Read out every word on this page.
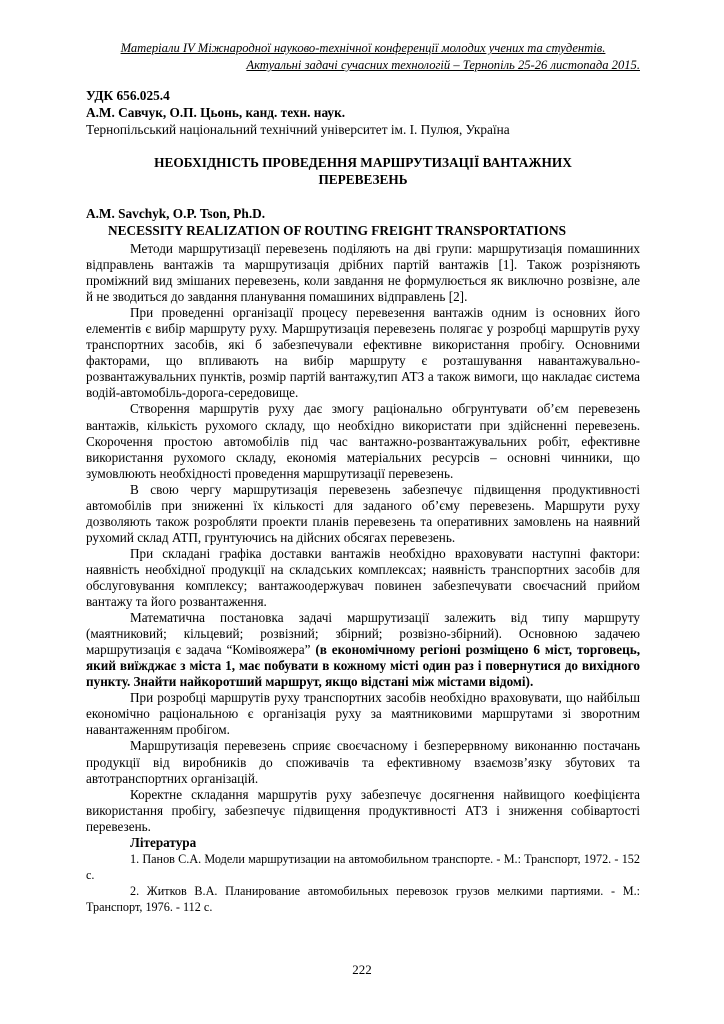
Матеріали IV Міжнародної науково-технічної конференції молодих учених та студентів.
Актуальні задачі сучасних технологій – Тернопіль 25-26 листопада 2015.
УДК 656.025.4
А.М. Савчук, О.П. Цьонь, канд. техн. наук.
Тернопільський національний технічний університет ім. І. Пулюя, Україна
НЕОБХІДНІСТЬ ПРОВЕДЕННЯ МАРШРУТИЗАЦІЇ ВАНТАЖНИХ
ПЕРЕВЕЗЕНЬ
A.M. Savchyk, O.P. Tson, Ph.D.
NECESSITY REALIZATION OF ROUTING FREIGHT TRANSPORTATIONS

Методи маршрутизації перевезень поділяють на дві групи: маршрутизація помашинних відправлень вантажів та маршрутизація дрібних партій вантажів [1]. Також розрізняють проміжний вид змішаних перевезень, коли завдання не формулюється як виключно розвізне, але й не зводиться до завдання планування помашиних відправлень [2].

При проведенні організації процесу перевезення вантажів одним із основних його елементів є вибір маршруту руху. Маршрутизація перевезень полягає у розробці маршрутів руху транспортних засобів, які б забезпечували ефективне використання пробігу. Основними факторами, що впливають на вибір маршруту є розташування навантажувально-розвантажувальних пунктів, розмір партій вантажу,тип АТЗ а також вимоги, що накладає система водій-автомобіль-дорога-середовище.

Створення маршрутів руху дає змогу раціонально обгрунтувати об’єм перевезень вантажів, кількість рухомого складу, що необхідно використати при здійсненні перевезень. Скорочення простою автомобілів під час вантажно-розвантажувальних робіт, ефективне використання рухомого складу, економія матеріальних ресурсів – основні чинники, що зумовлюють необхідності проведення маршрутизації перевезень.

В свою чергу маршрутизація перевезень забезпечує підвищення продуктивності автомобілів при зниженні їх кількості для заданого об’єму перевезень. Маршрути руху дозволяють також розробляти проекти планів перевезень та оперативних замовлень на наявний рухомий склад АТП, грунтуючись на дійсних обсягах перевезень.

При складані графіка доставки вантажів необхідно враховувати наступні фактори: наявність необхідної продукції на складських комплексах; наявність транспортних засобів для обслуговування комплексу; вантажоодержувач повинен забезпечувати своєчасний прийом вантажу та його розвантаження.

Математична постановка задачі маршрутизації залежить від типу маршруту (маятниковий; кільцевий; розвізний; збірний; розвізно-збірний). Основною задачею маршрутизація є задача “Комівояжера” (в економічному регіоні розміщено 6 міст, торговець, який виїжджає з міста 1, має побувати в кожному місті один раз і повернутися до вихідного пункту. Знайти найкоротший маршрут, якщо відстані між містами відомі).

При розробці маршрутів руху транспортних засобів необхідно враховувати, що найбільш економічно раціональною є організація руху за маятниковими маршрутами зі зворотним навантаженням пробігом.

Маршрутизація перевезень сприяє своєчасному і безперервному виконанню постачань продукції від виробників до споживачів та ефективному взаємозв’язку збутових та автотранспортних організацій.

Коректне складання маршрутів руху забезпечує досягнення найвищого коефіцієнта використання пробігу, забезпечує підвищення продуктивності АТЗ і зниження собівартості перевезень.

Література

1. Панов С.А. Модели маршрутизации на автомобильном транспорте. - М.: Транспорт, 1972. - 152 с.

2. Житков В.А. Планирование автомобильных перевозок грузов мелкими партиями. - М.: Транспорт, 1976. - 112 с.

222
